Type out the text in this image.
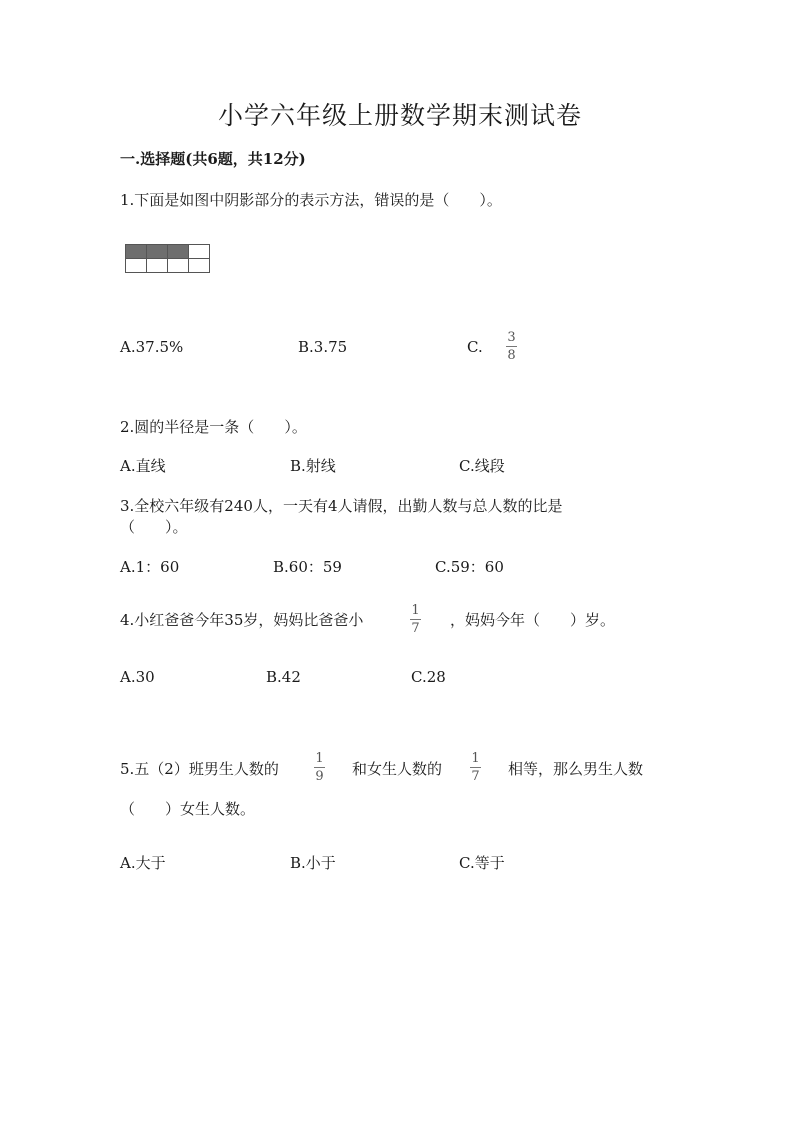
小学六年级上册数学期末测试卷
一.选择题(共6题，共12分)
1.下面是如图中阴影部分的表示方法，错误的是（　　）。

A.37.5%	B.3.75	C.
3
8
2.圆的半径是一条（　　）。
A.直线	B.射线	C.线段
3.全校六年级有240人，一天有4人请假，出勤人数与总人数的比是
（　　）。
A.1：60	B.60：59	C.59：60
4.小红爸爸今年35岁，妈妈比爸爸小
1
7 ，妈妈今年（　　）岁。
A.30	B.42	C.28
5.五（2）班男生人数的
1
9 和女生人数的
1
7 相等，那么男生人数
（　　）女生人数。
A.大于	B.小于	C.等于
